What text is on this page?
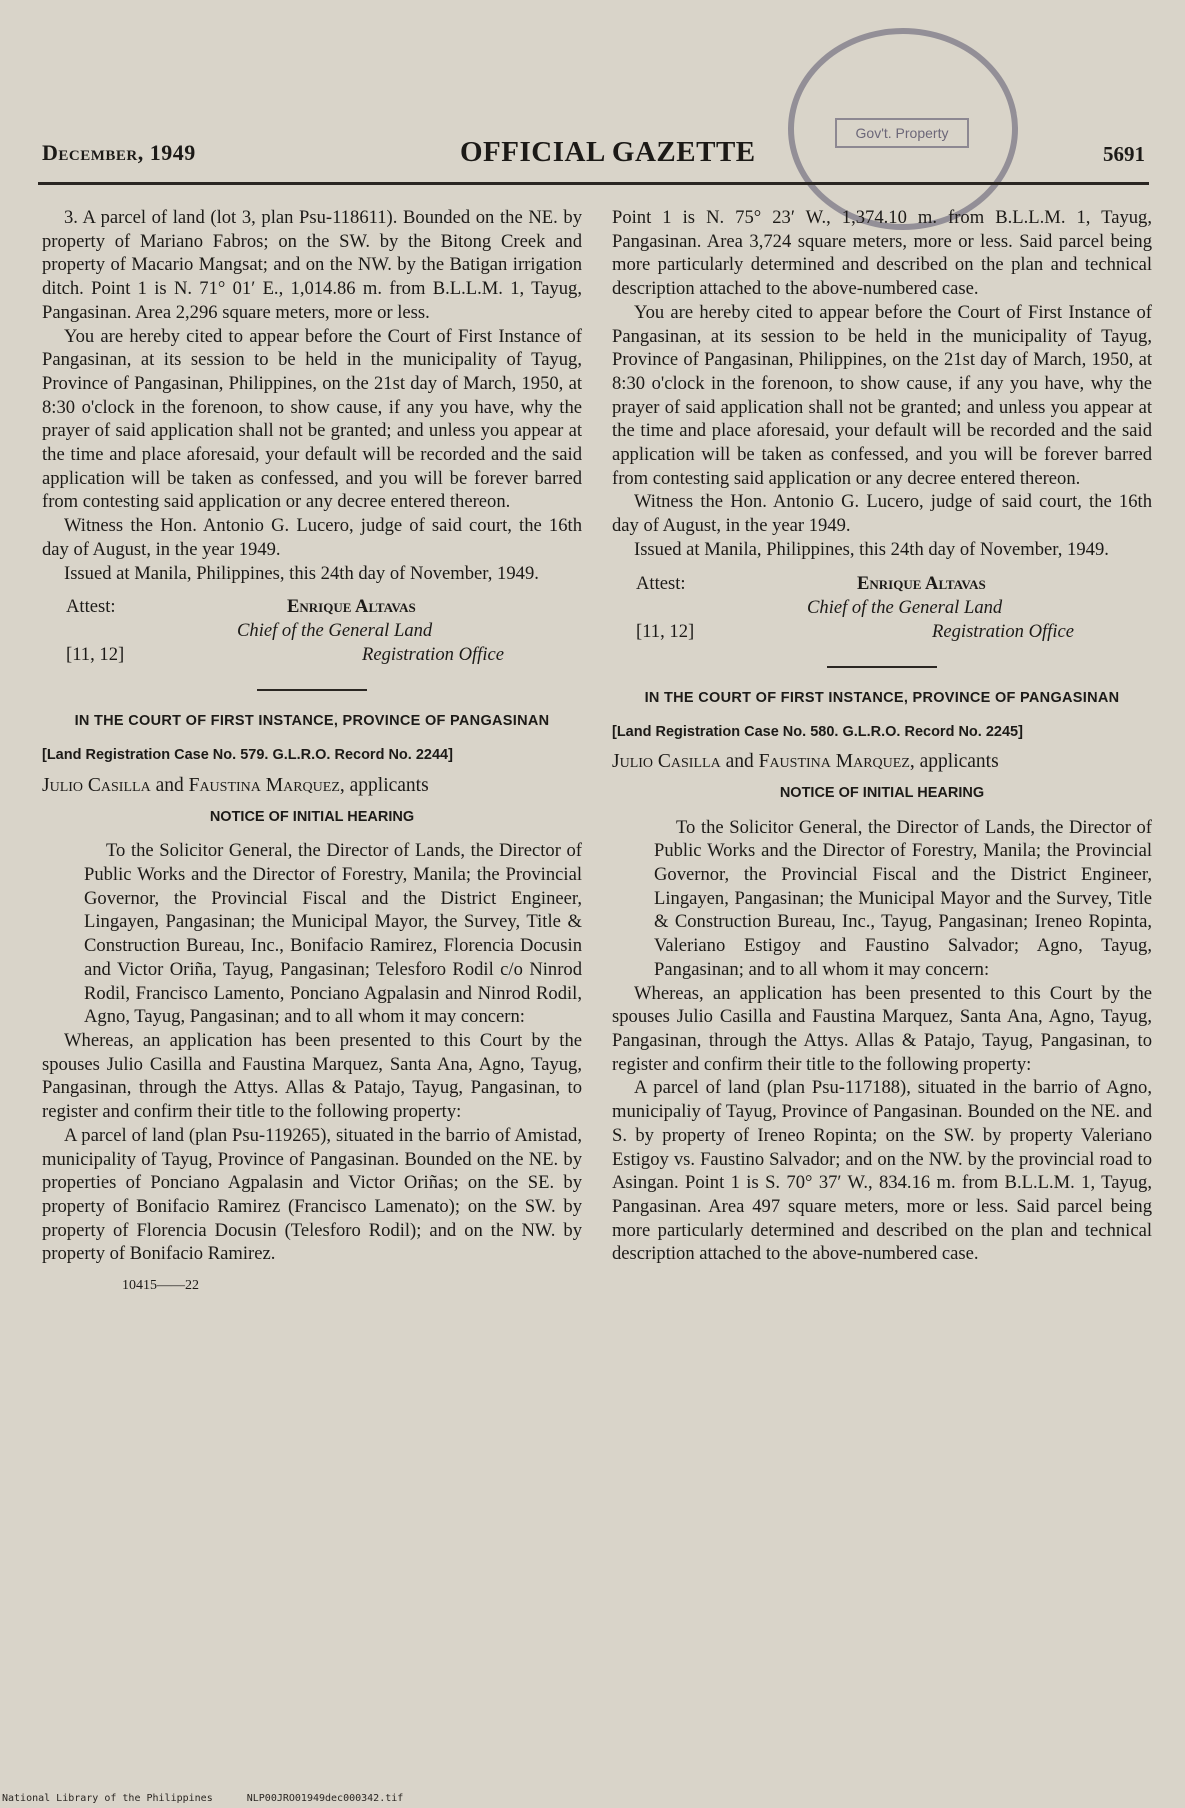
Gov't. Property
December, 1949	OFFICIAL GAZETTE	5691

3. A parcel of land (lot 3, plan Psu-118611). Bounded on the NE. by property of Mariano Fabros; on the SW. by the Bitong Creek and property of Macario Mangsat; and on the NW. by the Batigan irrigation ditch. Point 1 is N. 71° 01′ E., 1,014.86 m. from B.L.L.M. 1, Tayug, Pangasinan. Area 2,296 square meters, more or less.

You are hereby cited to appear before the Court of First Instance of Pangasinan, at its session to be held in the municipality of Tayug, Province of Pangasinan, Philippines, on the 21st day of March, 1950, at 8:30 o'clock in the forenoon, to show cause, if any you have, why the prayer of said application shall not be granted; and unless you appear at the time and place aforesaid, your default will be recorded and the said application will be taken as confessed, and you will be forever barred from contesting said application or any decree entered thereon.

Witness the Hon. Antonio G. Lucero, judge of said court, the 16th day of August, in the year 1949.

Issued at Manila, Philippines, this 24th day of November, 1949.

Attest:	Enrique Altavas
Chief of the General Land
[11, 12]	Registration Office
IN THE COURT OF FIRST INSTANCE, PROVINCE OF PANGASINAN
[Land Registration Case No. 579. G.L.R.O. Record No. 2244]
Julio Casilla and Faustina Marquez, applicants
NOTICE OF INITIAL HEARING

To the Solicitor General, the Director of Lands, the Director of Public Works and the Director of Forestry, Manila; the Provincial Governor, the Provincial Fiscal and the District Engineer, Lingayen, Pangasinan; the Municipal Mayor, the Survey, Title & Construction Bureau, Inc., Bonifacio Ramirez, Florencia Docusin and Victor Oriña, Tayug, Pangasinan; Telesforo Rodil c/o Ninrod Rodil, Francisco Lamento, Ponciano Agpalasin and Ninrod Rodil, Agno, Tayug, Pangasinan; and to all whom it may concern:

Whereas, an application has been presented to this Court by the spouses Julio Casilla and Faustina Marquez, Santa Ana, Agno, Tayug, Pangasinan, through the Attys. Allas & Patajo, Tayug, Pangasinan, to register and confirm their title to the following property:

A parcel of land (plan Psu-119265), situated in the barrio of Amistad, municipality of Tayug, Province of Pangasinan. Bounded on the NE. by properties of Ponciano Agpalasin and Victor Oriñas; on the SE. by property of Bonifacio Ramirez (Francisco Lamenato); on the SW. by property of Florencia Docusin (Telesforo Rodil); and on the NW. by property of Bonifacio Ramirez.

10415——22

Point 1 is N. 75° 23′ W., 1,374.10 m. from B.L.L.M. 1, Tayug, Pangasinan. Area 3,724 square meters, more or less. Said parcel being more particularly determined and described on the plan and technical description attached to the above-numbered case.

You are hereby cited to appear before the Court of First Instance of Pangasinan, at its session to be held in the municipality of Tayug, Province of Pangasinan, Philippines, on the 21st day of March, 1950, at 8:30 o'clock in the forenoon, to show cause, if any you have, why the prayer of said application shall not be granted; and unless you appear at the time and place aforesaid, your default will be recorded and the said application will be taken as confessed, and you will be forever barred from contesting said application or any decree entered thereon.

Witness the Hon. Antonio G. Lucero, judge of said court, the 16th day of August, in the year 1949.

Issued at Manila, Philippines, this 24th day of November, 1949.

Attest:	Enrique Altavas
Chief of the General Land
[11, 12]	Registration Office
IN THE COURT OF FIRST INSTANCE, PROVINCE OF PANGASINAN
[Land Registration Case No. 580. G.L.R.O. Record No. 2245]
Julio Casilla and Faustina Marquez, applicants
NOTICE OF INITIAL HEARING

To the Solicitor General, the Director of Lands, the Director of Public Works and the Director of Forestry, Manila; the Provincial Governor, the Provincial Fiscal and the District Engineer, Lingayen, Pangasinan; the Municipal Mayor and the Survey, Title & Construction Bureau, Inc., Tayug, Pangasinan; Ireneo Ropinta, Valeriano Estigoy and Faustino Salvador; Agno, Tayug, Pangasinan; and to all whom it may concern:

Whereas, an application has been presented to this Court by the spouses Julio Casilla and Faustina Marquez, Santa Ana, Agno, Tayug, Pangasinan, through the Attys. Allas & Patajo, Tayug, Pangasinan, to register and confirm their title to the following property:

A parcel of land (plan Psu-117188), situated in the barrio of Agno, municipaliy of Tayug, Province of Pangasinan. Bounded on the NE. and S. by property of Ireneo Ropinta; on the SW. by property Valeriano Estigoy vs. Faustino Salvador; and on the NW. by the provincial road to Asingan. Point 1 is S. 70° 37′ W., 834.16 m. from B.L.L.M. 1, Tayug, Pangasinan. Area 497 square meters, more or less. Said parcel being more particularly determined and described on the plan and technical description attached to the above-numbered case.

National Library of the Philippines	NLP00JRO01949dec000342.tif
